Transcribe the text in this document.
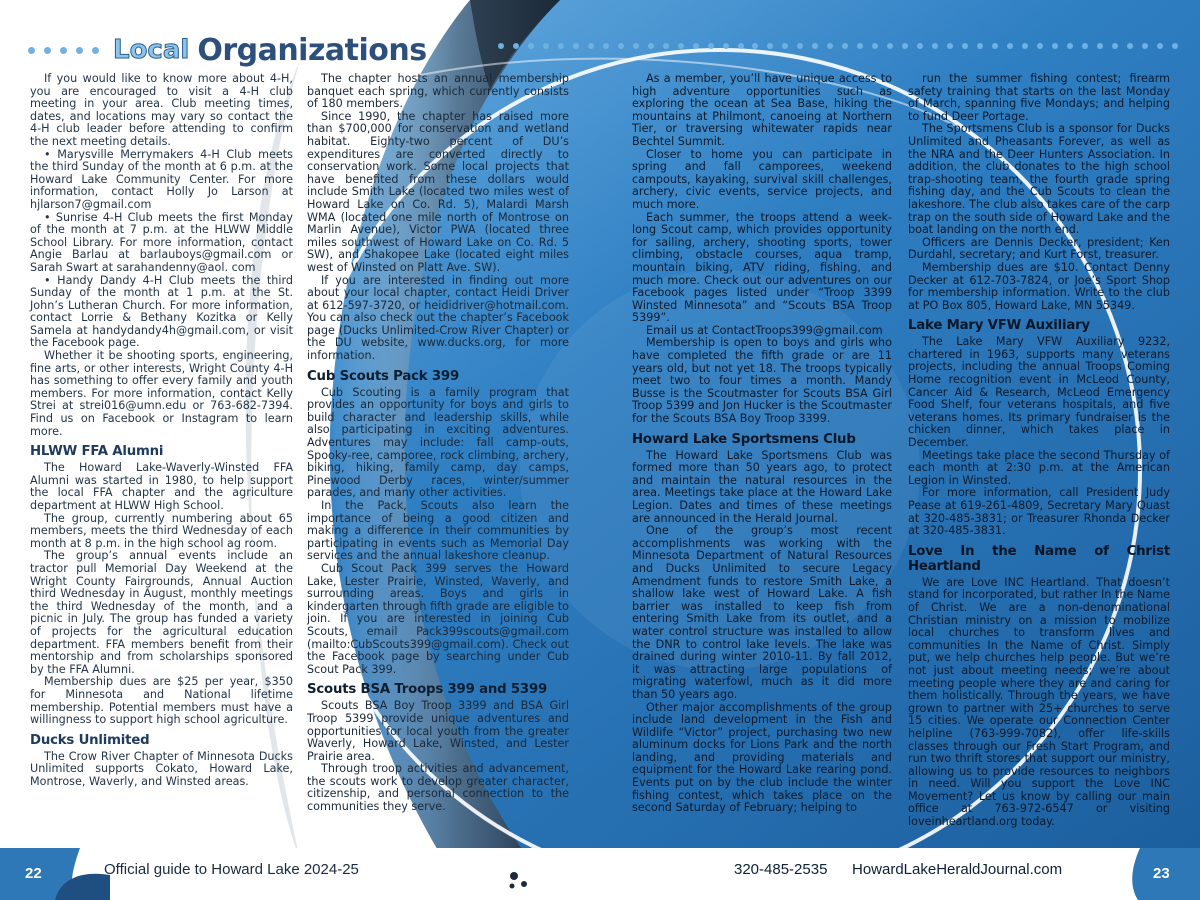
Local Organizations

If you would like to know more about 4-H, you are encouraged to visit a 4-H club meeting in your area. Club meeting times, dates, and locations may vary so contact the 4-H club leader before attending to confirm the next meeting details.

• Marysville Merrymakers 4-H Club meets the third Sunday of the month at 6 p.m. at the Howard Lake Community Center. For more information, contact Holly Jo Larson at hjlarson7@gmail.com

• Sunrise 4-H Club meets the first Monday of the month at 7 p.m. at the HLWW Middle School Library. For more information, contact Angie Barlau at barlauboys@gmail.com or Sarah Swart at sarahandenny@aol. com

• Handy Dandy 4-H Club meets the third Sunday of the month at 1 p.m. at the St. John’s Lutheran Church. For more information, contact Lorrie & Bethany Kozitka or Kelly Samela at handydandy4h@gmail.com, or visit the Facebook page.

Whether it be shooting sports, engineering, fine arts, or other interests, Wright County 4-H has something to offer every family and youth members. For more information, contact Kelly Strei at strei016@umn.edu or 763-682-7394. Find us on Facebook or Instagram to learn more.

HLWW FFA Alumni

The Howard Lake-Waverly-Winsted FFA Alumni was started in 1980, to help support the local FFA chapter and the agriculture department at HLWW High School.

The group, currently numbering about 65 members, meets the third Wednesday of each month at 8 p.m. in the high school ag room.

The group’s annual events include an tractor pull Memorial Day Weekend at the Wright County Fairgrounds, Annual Auction third Wednesday in August, monthly meetings the third Wednesday of the month, and a picnic in July. The group has funded a variety of projects for the agricultural education department. FFA members benefit from their mentorship and from scholarships sponsored by the FFA Alumni.

Membership dues are $25 per year, $350 for Minnesota and National lifetime membership. Potential members must have a willingness to support high school agriculture.

Ducks Unlimited

The Crow River Chapter of Minnesota Ducks Unlimited supports Cokato, Howard Lake, Montrose, Waverly, and Winsted areas.

The chapter hosts an annual membership banquet each spring, which currently consists of 180 members.

Since 1990, the chapter has raised more than $700,000 for conservation and wetland habitat. Eighty-two percent of DU’s expenditures are converted directly to conservation work. Some local projects that have benefited from these dollars would include Smith Lake (located two miles west of Howard Lake on Co. Rd. 5), Malardi Marsh WMA (located one mile north of Montrose on Marlin Avenue), Victor PWA (located three miles southwest of Howard Lake on Co. Rd. 5 SW), and Shakopee Lake (located eight miles west of Winsted on Platt Ave. SW).

If you are interested in finding out more about your local chapter, contact Heidi Driver at 612-597-3720, or heididriver@hotmail.com. You can also check out the chapter’s Facebook page (Ducks Unlimited-Crow River Chapter) or the DU website, www.ducks.org, for more information.

Cub Scouts Pack 399

Cub Scouting is a family program that provides an opportunity for boys and girls to build character and leadership skills, while also participating in exciting adventures. Adventures may include: fall camp-outs, Spooky-ree, camporee, rock climbing, archery, biking, hiking, family camp, day camps, Pinewood Derby races, winter/summer parades, and many other activities.

In the Pack, Scouts also learn the importance of being a good citizen and making a difference in their communities by participating in events such as Memorial Day services and the annual lakeshore cleanup.

Cub Scout Pack 399 serves the Howard Lake, Lester Prairie, Winsted, Waverly, and surrounding areas. Boys and girls in kindergarten through fifth grade are eligible to join. If you are interested in joining Cub Scouts, email Pack399scouts@gmail.com (mailto:CubScouts399@gmail.com). Check out the Facebook page by searching under Cub Scout Pack 399.

Scouts BSA Troops 399 and 5399

Scouts BSA Boy Troop 3399 and BSA Girl Troop 5399 provide unique adventures and opportunities for local youth from the greater Waverly, Howard Lake, Winsted, and Lester Prairie area.

Through troop activities and advancement, the scouts work to develop greater character, citizenship, and personal connection to the communities they serve.

As a member, you’ll have unique access to high adventure opportunities such as exploring the ocean at Sea Base, hiking the mountains at Philmont, canoeing at Northern Tier, or traversing whitewater rapids near Bechtel Summit.

Closer to home you can participate in spring and fall camporees, weekend campouts, kayaking, survival skill challenges, archery, civic events, service projects, and much more.

Each summer, the troops attend a week-long Scout camp, which provides opportunity for sailing, archery, shooting sports, tower climbing, obstacle courses, aqua tramp, mountain biking, ATV riding, fishing, and much more. Check out our adventures on our Facebook pages listed under “Troop 3399 Winsted Minnesota” and “Scouts BSA Troop 5399”.

Email us at ContactTroops399@gmail.com

Membership is open to boys and girls who have completed the fifth grade or are 11 years old, but not yet 18. The troops typically meet two to four times a month. Mandy Busse is the Scoutmaster for Scouts BSA Girl Troop 5399 and Jon Hucker is the Scoutmaster for the Scouts BSA Boy Troop 3399.

Howard Lake Sportsmens Club

The Howard Lake Sportsmens Club was formed more than 50 years ago, to protect and maintain the natural resources in the area. Meetings take place at the Howard Lake Legion. Dates and times of these meetings are announced in the Herald Journal.

One of the group’s most recent accomplishments was working with the Minnesota Department of Natural Resources and Ducks Unlimited to secure Legacy Amendment funds to restore Smith Lake, a shallow lake west of Howard Lake. A fish barrier was installed to keep fish from entering Smith Lake from its outlet, and a water control structure was installed to allow the DNR to control lake levels. The lake was drained during winter 2010-11. By fall 2012, it was attracting large populations of migrating waterfowl, much as it did more than 50 years ago.

Other major accomplishments of the group include land development in the Fish and Wildlife “Victor” project, purchasing two new aluminum docks for Lions Park and the north landing, and providing materials and equipment for the Howard Lake rearing pond. Events put on by the club include the winter fishing contest, which takes place on the second Saturday of February; helping to

run the summer fishing contest; firearm safety training that starts on the last Monday of March, spanning five Mondays; and helping to fund Deer Portage.

The Sportsmens Club is a sponsor for Ducks Unlimited and Pheasants Forever, as well as the NRA and the Deer Hunters Association. In addition, the club donates to the high school trap-shooting team, the fourth grade spring fishing day, and the Cub Scouts to clean the lakeshore. The club also takes care of the carp trap on the south side of Howard Lake and the boat landing on the north end.

Officers are Dennis Decker, president; Ken Durdahl, secretary; and Kurt Forst, treasurer.

Membership dues are $10. Contact Denny Decker at 612-703-7824, or Joe’s Sport Shop for membership information. Write to the club at PO Box 805, Howard Lake, MN 55349.

Lake Mary VFW Auxiliary

The Lake Mary VFW Auxiliary 9232, chartered in 1963, supports many veterans projects, including the annual Troops Coming Home recognition event in McLeod County, Cancer Aid & Research, McLeod Emergency Food Shelf, four veterans hospitals, and five veterans homes. Its primary fundraiser is the chicken dinner, which takes place in December.

Meetings take place the second Thursday of each month at 2:30 p.m. at the American Legion in Winsted.

For more information, call President Judy Pease at 619-261-4809, Secretary Mary Quast at 320-485-3831; or Treasurer Rhonda Decker at 320-485-3831.

Love In the Name of Christ Heartland

We are Love INC Heartland. That doesn’t stand for incorporated, but rather In the Name of Christ. We are a non-denominational Christian ministry on a mission to mobilize local churches to transform lives and communities In the Name of Christ. Simply put, we help churches help people. But we’re not just about meeting needs; we’re about meeting people where they are and caring for them holistically. Through the years, we have grown to partner with 25+ churches to serve 15 cities. We operate our Connection Center helpline (763-999-7082), offer life-skills classes through our Fresh Start Program, and run two thrift stores that support our ministry, allowing us to provide resources to neighbors in need. Will you support the Love INC Movement? Let us know by calling our main office at 763-972-6547 or visiting loveinheartland.org today.

22	Official guide to Howard Lake 2024-25	320-485-2535 HowardLakeHeraldJournal.com	23
